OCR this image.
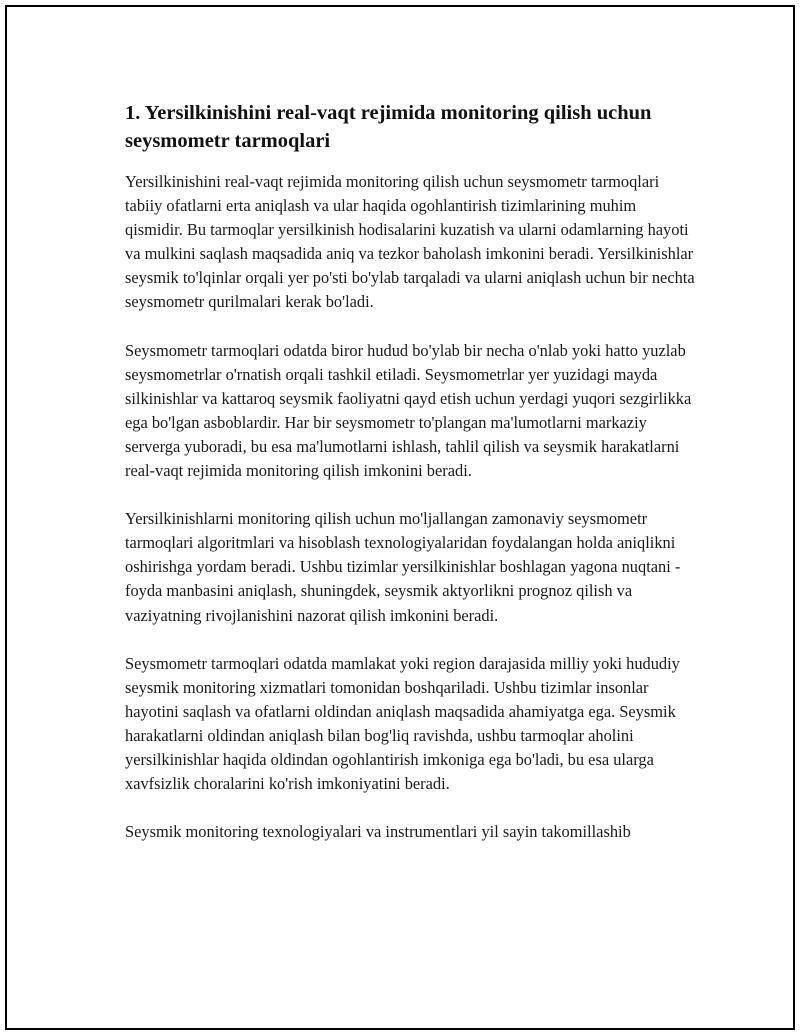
1. Yersilkinishini real-vaqt rejimida monitoring qilish uchun seysmometr tarmoqlari

Yersilkinishini real-vaqt rejimida monitoring qilish uchun seysmometr tarmoqlari tabiiy ofatlarni erta aniqlash va ular haqida ogohlantirish tizimlarining muhim qismidir. Bu tarmoqlar yersilkinish hodisalarini kuzatish va ularni odamlarning hayoti va mulkini saqlash maqsadida aniq va tezkor baholash imkonini beradi. Yersilkinishlar seysmik to'lqinlar orqali yer po'sti bo'ylab tarqaladi va ularni aniqlash uchun bir nechta seysmometr qurilmalari kerak bo'ladi.

Seysmometr tarmoqlari odatda biror hudud bo'ylab bir necha o'nlab yoki hatto yuzlab seysmometrlar o'rnatish orqali tashkil etiladi. Seysmometrlar yer yuzidagi mayda silkinishlar va kattaroq seysmik faoliyatni qayd etish uchun yerdagi yuqori sezgirlikka ega bo'lgan asboblardir. Har bir seysmometr to'plangan ma'lumotlarni markaziy serverga yuboradi, bu esa ma'lumotlarni ishlash, tahlil qilish va seysmik harakatlarni real-vaqt rejimida monitoring qilish imkonini beradi.

Yersilkinishlarni monitoring qilish uchun mo'ljallangan zamonaviy seysmometr tarmoqlari algoritmlari va hisoblash texnologiyalaridan foydalangan holda aniqlikni oshirishga yordam beradi. Ushbu tizimlar yersilkinishlar boshlagan yagona nuqtani - foyda manbasini aniqlash, shuningdek, seysmik aktyorlikni prognoz qilish va vaziyatning rivojlanishini nazorat qilish imkonini beradi.

Seysmometr tarmoqlari odatda mamlakat yoki region darajasida milliy yoki hududiy seysmik monitoring xizmatlari tomonidan boshqariladi. Ushbu tizimlar insonlar hayotini saqlash va ofatlarni oldindan aniqlash maqsadida ahamiyatga ega. Seysmik harakatlarni oldindan aniqlash bilan bog'liq ravishda, ushbu tarmoqlar aholini yersilkinishlar haqida oldindan ogohlantirish imkoniga ega bo'ladi, bu esa ularga xavfsizlik choralarini ko'rish imkoniyatini beradi.

Seysmik monitoring texnologiyalari va instrumentlari yil sayin takomillashib
